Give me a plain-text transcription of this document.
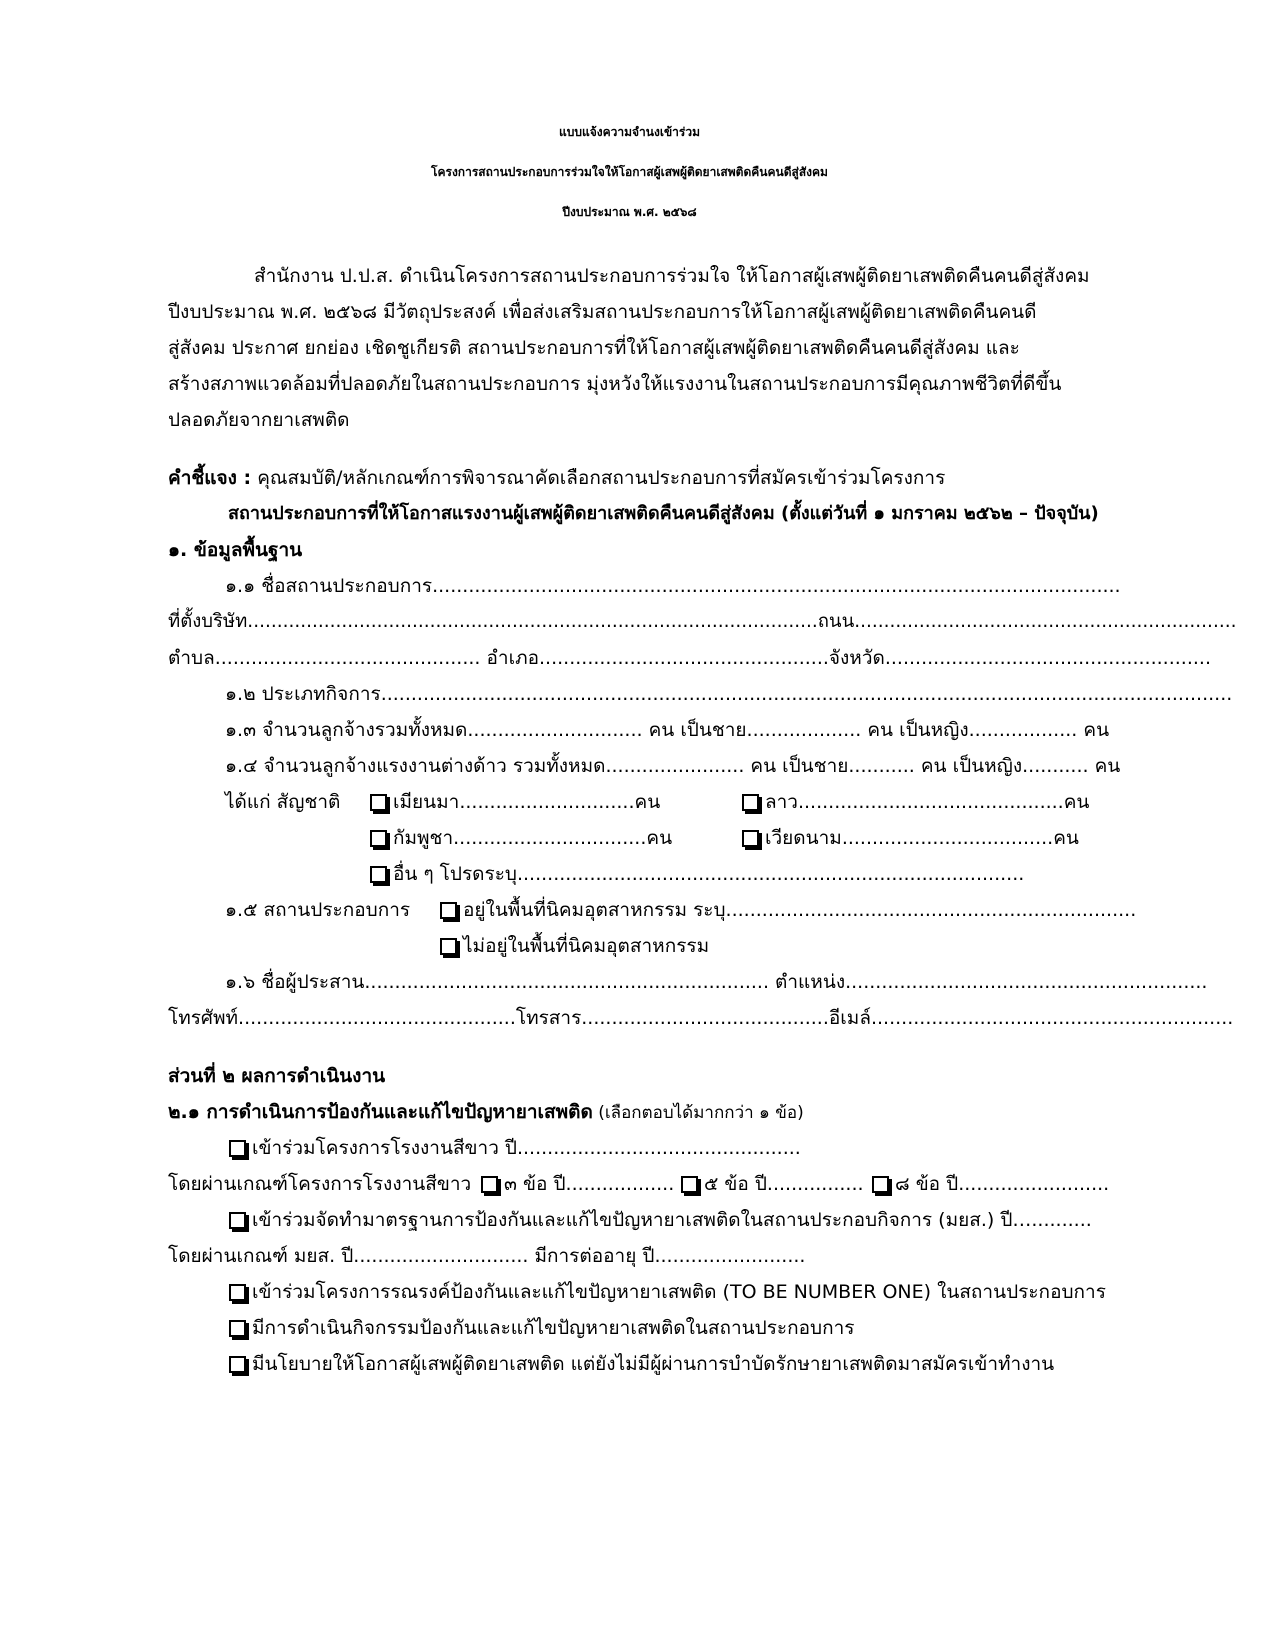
แบบแจ้งความจำนงเข้าร่วม
โครงการสถานประกอบการร่วมใจให้โอกาสผู้เสพผู้ติดยาเสพติดคืนคนดีสู่สังคม
ปีงบประมาณ พ.ศ. ๒๕๖๘
สำนักงาน ป.ป.ส. ดำเนินโครงการสถานประกอบการร่วมใจ ให้โอกาสผู้เสพผู้ติดยาเสพติดคืนคนดีสู่สังคม
ปีงบประมาณ พ.ศ. ๒๕๖๘ มีวัตถุประสงค์ เพื่อส่งเสริมสถานประกอบการให้โอกาสผู้เสพผู้ติดยาเสพติดคืนคนดี
สู่สังคม ประกาศ ยกย่อง เชิดชูเกียรติ สถานประกอบการที่ให้โอกาสผู้เสพผู้ติดยาเสพติดคืนคนดีสู่สังคม และ
สร้างสภาพแวดล้อมที่ปลอดภัยในสถานประกอบการ มุ่งหวังให้แรงงานในสถานประกอบการมีคุณภาพชีวิตที่ดีขึ้น
ปลอดภัยจากยาเสพติด
คำชี้แจง : คุณสมบัติ/หลักเกณฑ์การพิจารณาคัดเลือกสถานประกอบการที่สมัครเข้าร่วมโครงการ
สถานประกอบการที่ให้โอกาสแรงงานผู้เสพผู้ติดยาเสพติดคืนคนดีสู่สังคม (ตั้งแต่วันที่ ๑ มกราคม ๒๕๖๒ – ปัจจุบัน)
๑. ข้อมูลพื้นฐาน
๑.๑ ชื่อสถานประกอบการ..................................................................................................................
ที่ตั้งบริษัท.................................................................................................ถนน.................................................................
ตำบล............................................ อำเภอ................................................จังหวัด......................................................
๑.๒ ประเภทกิจการ.............................................................................................................................................
๑.๓ จำนวนลูกจ้างรวมทั้งหมด............................. คน เป็นชาย................... คน เป็นหญิง.................. คน
๑.๔ จำนวนลูกจ้างแรงงานต่างด้าว รวมทั้งหมด....................... คน เป็นชาย........... คน เป็นหญิง........... คน
ได้แก่ สัญชาติ	เมียนมา.............................คน	ลาว............................................คน
กัมพูชา................................คน	เวียดนาม...................................คน
อื่น ๆ โปรดระบุ....................................................................................
๑.๕ สถานประกอบการ	อยู่ในพื้นที่นิคมอุตสาหกรรม ระบุ....................................................................
ไม่อยู่ในพื้นที่นิคมอุตสาหกรรม
๑.๖ ชื่อผู้ประสาน................................................................... ตำแหน่ง............................................................
โทรศัพท์..............................................โทรสาร.........................................อีเมล์............................................................
ส่วนที่ ๒ ผลการดำเนินงาน
๒.๑ การดำเนินการป้องกันและแก้ไขปัญหายาเสพติด (เลือกตอบได้มากกว่า ๑ ข้อ)
เข้าร่วมโครงการโรงงานสีขาว ปี...............................................
โดยผ่านเกณฑ์โครงการโรงงานสีขาว	๓ ข้อ ปี..................	๕ ข้อ ปี................	๘ ข้อ ปี.........................
เข้าร่วมจัดทำมาตรฐานการป้องกันและแก้ไขปัญหายาเสพติดในสถานประกอบกิจการ (มยส.) ปี…..........
โดยผ่านเกณฑ์ มยส. ปี............................. มีการต่ออายุ ปี.........................
เข้าร่วมโครงการรณรงค์ป้องกันและแก้ไขปัญหายาเสพติด (TO BE NUMBER ONE) ในสถานประกอบการ
มีการดำเนินกิจกรรมป้องกันและแก้ไขปัญหายาเสพติดในสถานประกอบการ
มีนโยบายให้โอกาสผู้เสพผู้ติดยาเสพติด แต่ยังไม่มีผู้ผ่านการบำบัดรักษายาเสพติดมาสมัครเข้าทำงาน
